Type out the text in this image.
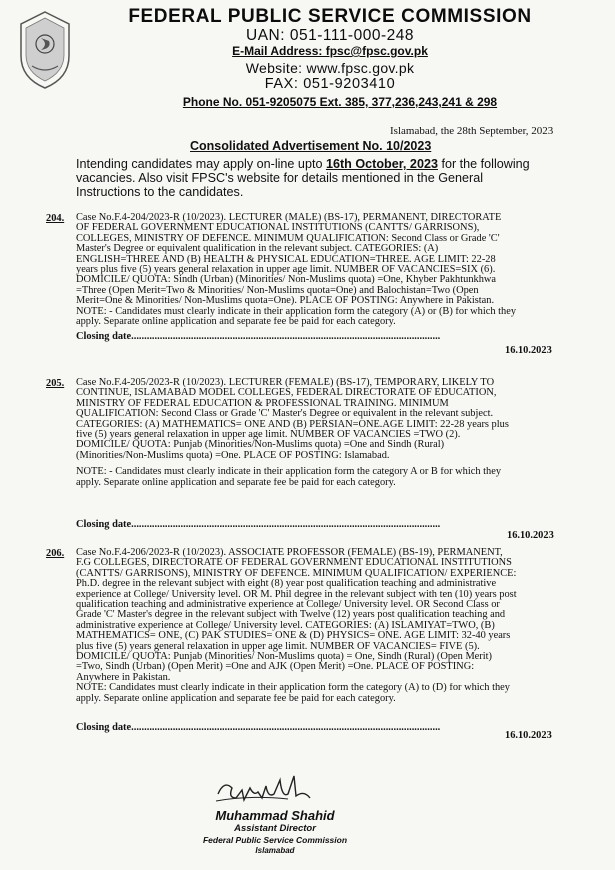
FEDERAL PUBLIC SERVICE COMMISSION
UAN: 051-111-000-248
E-Mail Address: fpsc@fpsc.gov.pk
Website: www.fpsc.gov.pk
FAX: 051-9203410
Phone No. 051-9205075 Ext. 385, 377,236,243,241 & 298
Islamabad, the 28th September, 2023
Consolidated Advertisement No. 10/2023
Intending candidates may apply on-line upto 16th October, 2023 for the following
vacancies. Also visit FPSC's website for details mentioned in the General
Instructions to the candidates.
204. Case No.F.4-204/2023-R (10/2023). LECTURER (MALE) (BS-17), PERMANENT, DIRECTORATE
OF FEDERAL GOVERNMENT EDUCATIONAL INSTITUTIONS (CANTTS/ GARRISONS),
COLLEGES, MINISTRY OF DEFENCE. MINIMUM QUALIFICATION: Second Class or Grade 'C'
Master's Degree or equivalent qualification in the relevant subject. CATEGORIES: (A)
ENGLISH=THREE AND (B) HEALTH & PHYSICAL EDUCATION=THREE. AGE LIMIT: 22-28
years plus five (5) years general relaxation in upper age limit. NUMBER OF VACANCIES=SIX (6).
DOMICILE/ QUOTA: Sindh (Urban) (Minorities/ Non-Muslims quota) =One, Khyber Pakhtunkhwa
=Three (Open Merit=Two & Minorities/ Non-Muslims quota=One) and Balochistan=Two (Open
Merit=One & Minorities/ Non-Muslims quota=One). PLACE OF POSTING: Anywhere in Pakistan.
NOTE: - Candidates must clearly indicate in their application form the category (A) or (B) for which they
apply. Separate online application and separate fee be paid for each category.
Closing date.......................................................................................................................
16.10.2023
205. Case No.F.4-205/2023-R (10/2023). LECTURER (FEMALE) (BS-17), TEMPORARY, LIKELY TO
CONTINUE, ISLAMABAD MODEL COLLEGES, FEDERAL DIRECTORATE OF EDUCATION,
MINISTRY OF FEDERAL EDUCATION & PROFESSIONAL TRAINING. MINIMUM
QUALIFICATION: Second Class or Grade 'C' Master's Degree or equivalent in the relevant subject.
CATEGORIES: (A) MATHEMATICS= ONE AND (B) PERSIAN=ONE.AGE LIMIT: 22-28 years plus
five (5) years general relaxation in upper age limit. NUMBER OF VACANCIES =TWO (2).
DOMICILE/ QUOTA: Punjab (Minorities/Non-Muslims quota) =One and Sindh (Rural)
(Minorities/Non-Muslims quota) =One. PLACE OF POSTING: Islamabad.
NOTE: - Candidates must clearly indicate in their application form the category A or B for which they
apply. Separate online application and separate fee be paid for each category.
Closing date.......................................................................................................................
16.10.2023
206. Case No.F.4-206/2023-R (10/2023). ASSOCIATE PROFESSOR (FEMALE) (BS-19), PERMANENT,
F.G COLLEGES, DIRECTORATE OF FEDERAL GOVERNMENT EDUCATIONAL INSTITUTIONS
(CANTTS/ GARRISONS), MINISTRY OF DEFENCE. MINIMUM QUALIFICATION/ EXPERIENCE:
Ph.D. degree in the relevant subject with eight (8) year post qualification teaching and administrative
experience at College/ University level. OR M. Phil degree in the relevant subject with ten (10) years post
qualification teaching and administrative experience at College/ University level. OR Second Class or
Grade 'C' Master's degree in the relevant subject with Twelve (12) years post qualification teaching and
administrative experience at College/ University level. CATEGORIES: (A) ISLAMIYAT=TWO, (B)
MATHEMATICS= ONE, (C) PAK STUDIES= ONE & (D) PHYSICS= ONE. AGE LIMIT: 32-40 years
plus five (5) years general relaxation in upper age limit. NUMBER OF VACANCIES= FIVE (5).
DOMICILE/ QUOTA: Punjab (Minorities/ Non-Muslims quota) = One, Sindh (Rural) (Open Merit)
=Two, Sindh (Urban) (Open Merit) =One and AJK (Open Merit) =One. PLACE OF POSTING:
Anywhere in Pakistan.
NOTE: Candidates must clearly indicate in their application form the category (A) to (D) for which they
apply. Separate online application and separate fee be paid for each category.
Closing date.......................................................................................................................
16.10.2023
Muhammad Shahid
Assistant Director
Federal Public Service Commission
Islamabad
